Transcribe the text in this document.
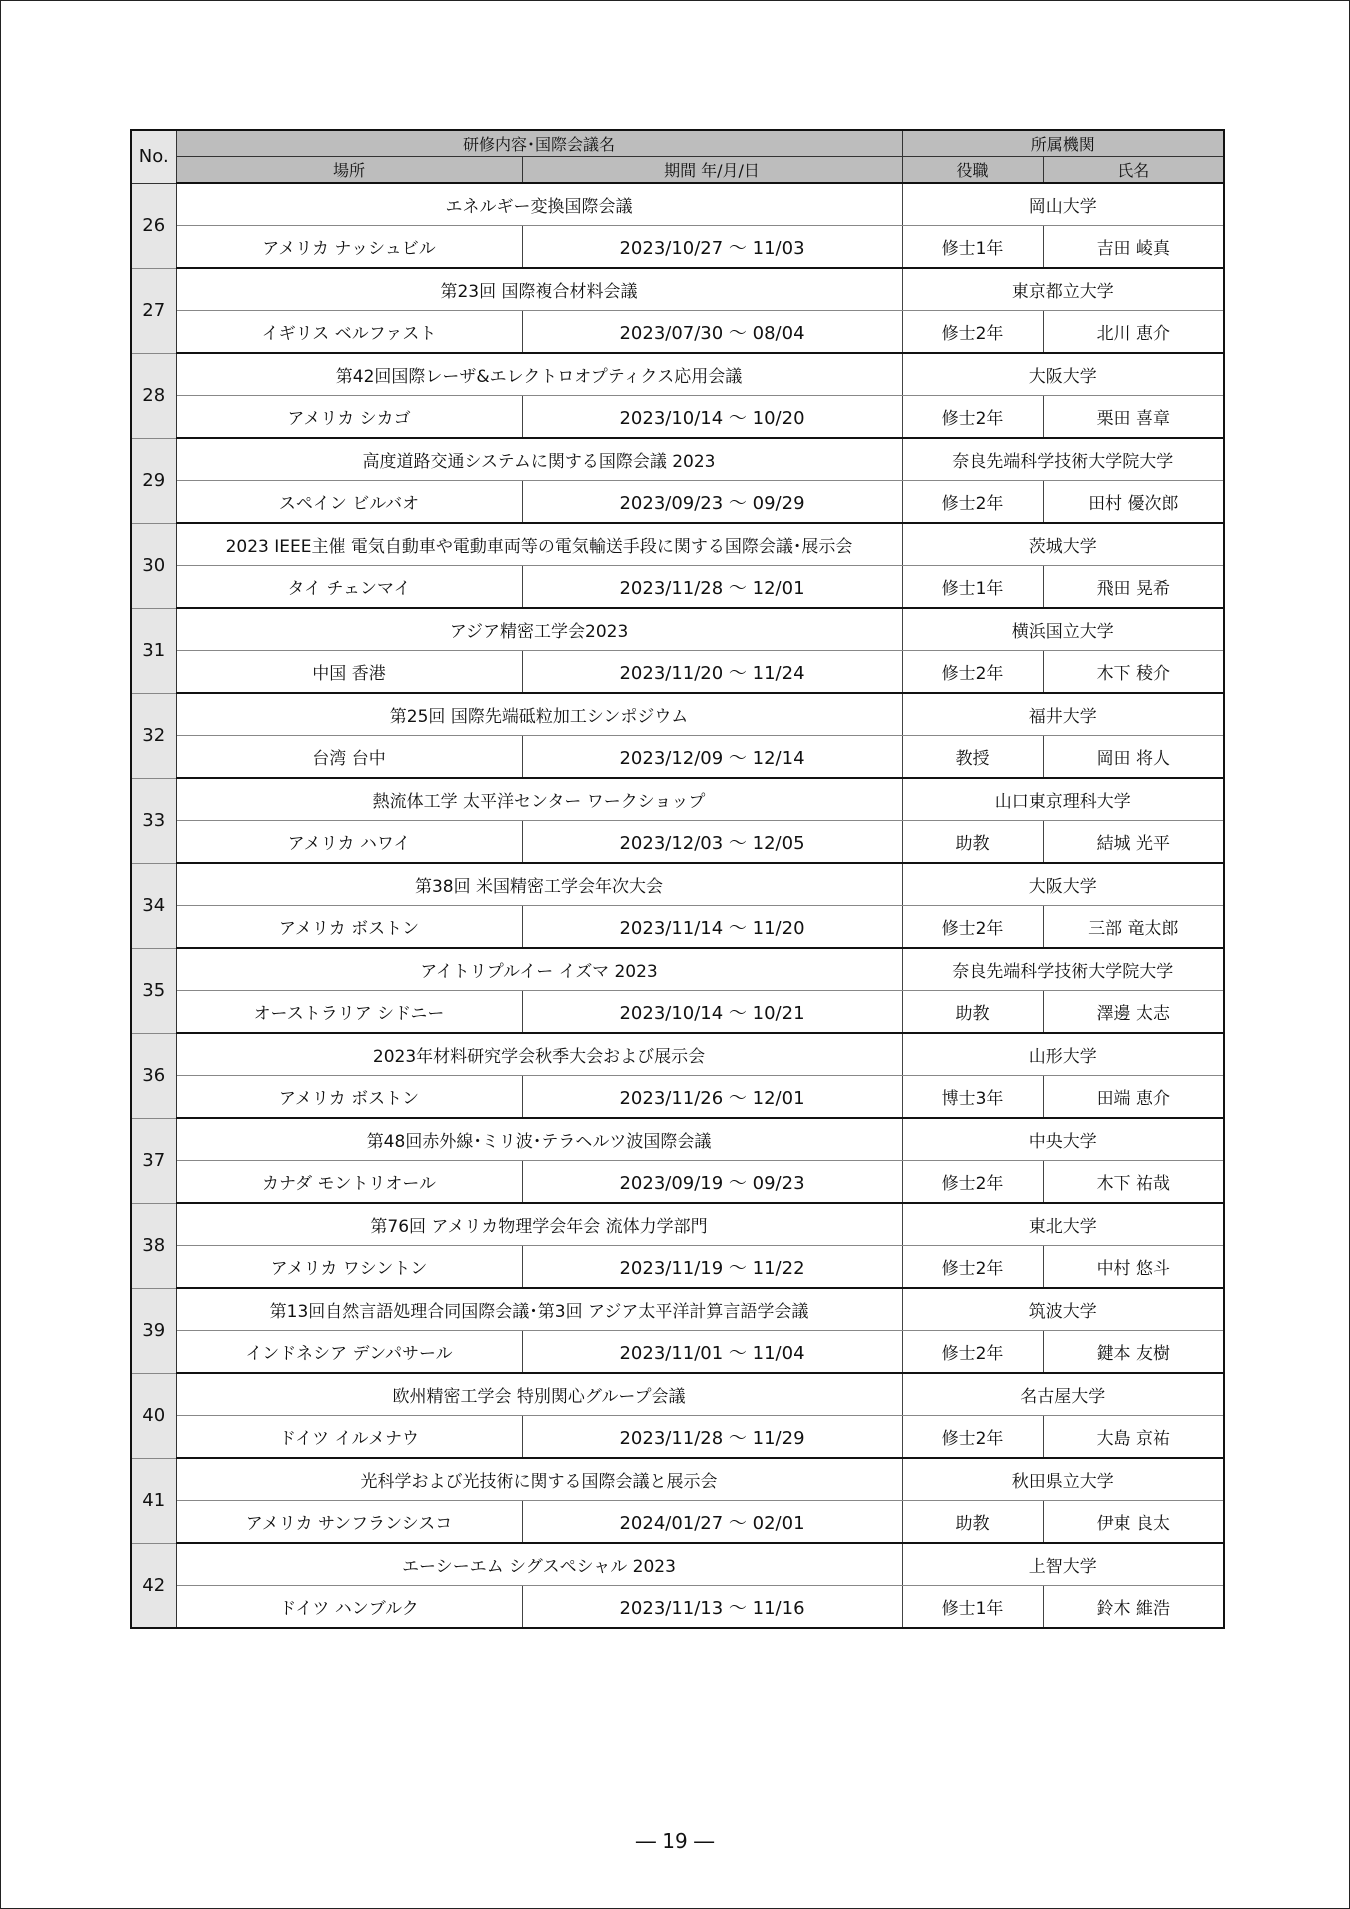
No.	研修内容･国際会議名		所属機関	
	場所	期間 年/月/日	役職	氏名
26	エネルギー変換国際会議		岡山大学	
	アメリカ ナッシュビル	2023/10/27 ～ 11/03	修士1年	吉田 崚真
27	第23回 国際複合材料会議		東京都立大学	
	イギリス ベルファスト	2023/07/30 ～ 08/04	修士2年	北川 恵介
28	第42回国際レーザ&エレクトロオプティクス応用会議		大阪大学	
	アメリカ シカゴ	2023/10/14 ～ 10/20	修士2年	栗田 喜章
29	高度道路交通システムに関する国際会議 2023		奈良先端科学技術大学院大学	
	スペイン ビルバオ	2023/09/23 ～ 09/29	修士2年	田村 優次郎
30	2023 IEEE主催 電気自動車や電動車両等の電気輸送手段に関する国際会議･展示会		茨城大学	
	タイ チェンマイ	2023/11/28 ～ 12/01	修士1年	飛田 晃希
31	アジア精密工学会2023		横浜国立大学	
	中国 香港	2023/11/20 ～ 11/24	修士2年	木下 稜介
32	第25回 国際先端砥粒加工シンポジウム		福井大学	
	台湾 台中	2023/12/09 ～ 12/14	教授	岡田 将人
33	熱流体工学 太平洋センター ワークショップ		山口東京理科大学	
	アメリカ ハワイ	2023/12/03 ～ 12/05	助教	結城 光平
34	第38回 米国精密工学会年次大会		大阪大学	
	アメリカ ボストン	2023/11/14 ～ 11/20	修士2年	三部 竜太郎
35	アイトリプルイー イズマ 2023		奈良先端科学技術大学院大学	
	オーストラリア シドニー	2023/10/14 ～ 10/21	助教	澤邊 太志
36	2023年材料研究学会秋季大会および展示会		山形大学	
	アメリカ ボストン	2023/11/26 ～ 12/01	博士3年	田端 恵介
37	第48回赤外線･ミリ波･テラヘルツ波国際会議		中央大学	
	カナダ モントリオール	2023/09/19 ～ 09/23	修士2年	木下 祐哉
38	第76回 アメリカ物理学会年会 流体力学部門		東北大学	
	アメリカ ワシントン	2023/11/19 ～ 11/22	修士2年	中村 悠斗
39	第13回自然言語処理合同国際会議･第3回 アジア太平洋計算言語学会議		筑波大学	
	インドネシア デンパサール	2023/11/01 ～ 11/04	修士2年	鍵本 友樹
40	欧州精密工学会 特別関心グループ会議		名古屋大学	
	ドイツ イルメナウ	2023/11/28 ～ 11/29	修士2年	大島 京祐
41	光科学および光技術に関する国際会議と展示会		秋田県立大学	
	アメリカ サンフランシスコ	2024/01/27 ～ 02/01	助教	伊東 良太
42	エーシーエム シグスペシャル 2023		上智大学	
	ドイツ ハンブルク	2023/11/13 ～ 11/16	修士1年	鈴木 維浩
― 19 ―
